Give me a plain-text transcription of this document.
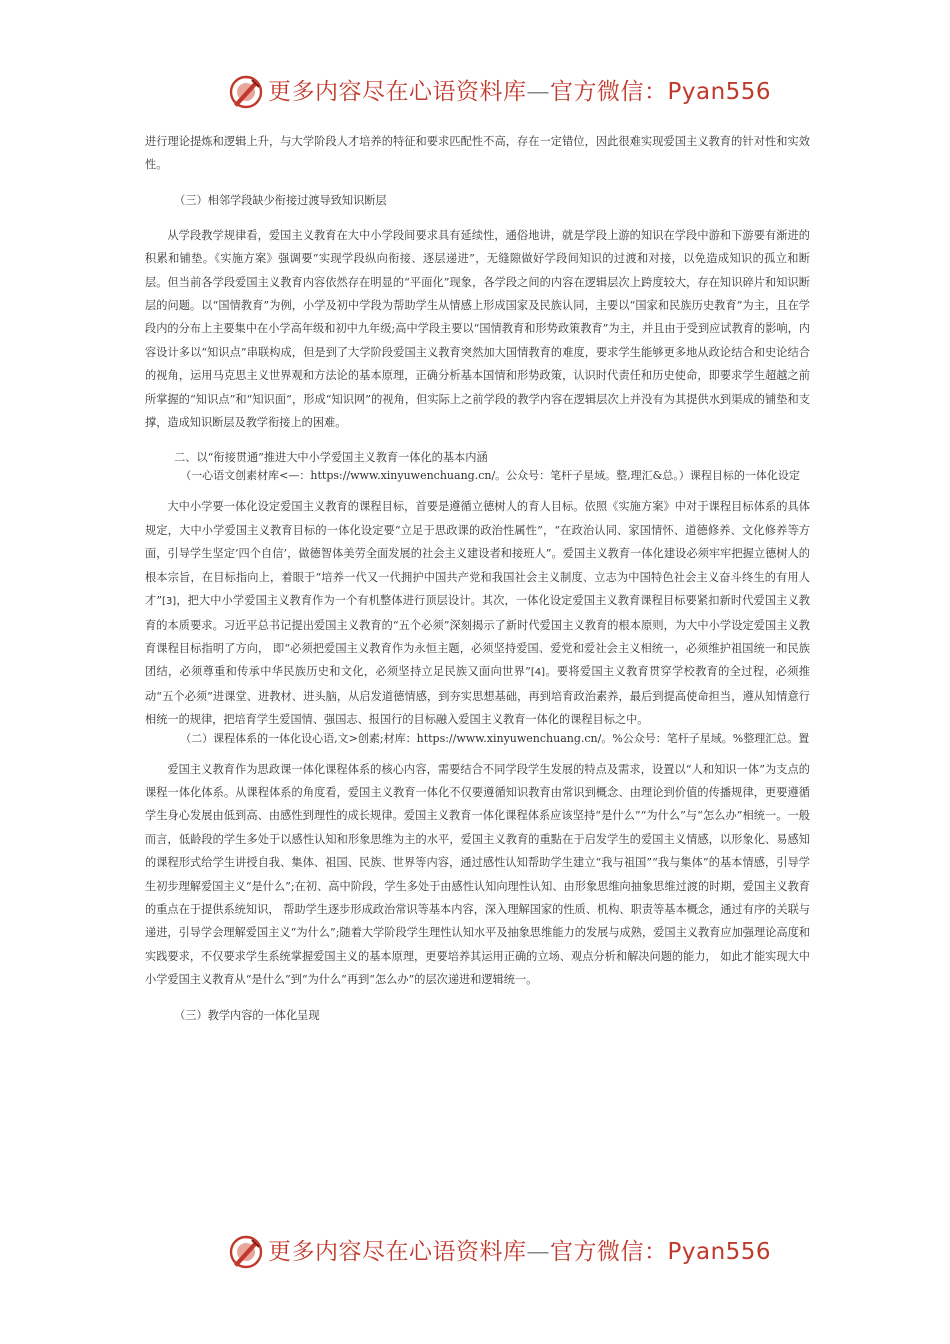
更多内容尽在心语资料库—官方微信：Pyan556

进行理论提炼和逻辑上升，与大学阶段人才培养的特征和要求匹配性不高，存在一定错位，因此很难实现爱国主义教育的针对性和实效性。

（三）相邻学段缺少衔接过渡导致知识断层

从学段教学规律看，爱国主义教育在大中小学段间要求具有延续性，通俗地讲，就是学段上游的知识在学段中游和下游要有渐进的积累和铺垫。《实施方案》强调要“实现学段纵向衔接、逐层递进”，无缝隙做好学段间知识的过渡和对接，以免造成知识的孤立和断层。但当前各学段爱国主义教育内容依然存在明显的“平面化”现象，各学段之间的内容在逻辑层次上跨度较大，存在知识碎片和知识断层的问题。以“国情教育”为例，小学及初中学段为帮助学生从情感上形成国家及民族认同，主要以“国家和民族历史教育”为主，且在学段内的分布上主要集中在小学高年级和初中九年级;高中学段主要以“国情教育和形势政策教育”为主，并且由于受到应试教育的影响，内容设计多以“知识点”串联构成，但是到了大学阶段爱国主义教育突然加大国情教育的难度，要求学生能够更多地从政论结合和史论结合的视角，运用马克思主义世界观和方法论的基本原理，正确分析基本国情和形势政策，认识时代责任和历史使命，即要求学生超越之前所掌握的“知识点”和“知识面”，形成“知识网”的视角，但实际上之前学段的教学内容在逻辑层次上并没有为其提供水到渠成的铺垫和支撑，造成知识断层及教学衔接上的困难。

二、以“衔接贯通”推进大中小学爱国主义教育一体化的基本内涵

（一心语文创素材库<—：https://www.xinyuwenchuang.cn/。公众号：笔杆子星域。整,理汇&总。）课程目标的一体化设定

大中小学要一体化设定爱国主义教育的课程目标，首要是遵循立德树人的育人目标。依照《实施方案》中对于课程目标体系的具体规定，大中小学爱国主义教育目标的一体化设定要“立足于思政课的政治性属性”，“在政治认同、家国情怀、道德修养、文化修养等方面，引导学生坚定‘四个自信’，做德智体美劳全面发展的社会主义建设者和接班人”。爱国主义教育一体化建设必须牢牢把握立德树人的根本宗旨，在目标指向上，着眼于“培养一代又一代拥护中国共产党和我国社会主义制度、立志为中国特色社会主义奋斗终生的有用人才”[3]，把大中小学爱国主义教育作为一个有机整体进行顶层设计。其次，一体化设定爱国主义教育课程目标要紧扣新时代爱国主义教育的本质要求。习近平总书记提出爱国主义教育的“五个必须”深刻揭示了新时代爱国主义教育的根本原则，为大中小学设定爱国主义教育课程目标指明了方向， 即“必须把爱国主义教育作为永恒主题，必须坚持爱国、爱党和爱社会主义相统一，必须维护祖国统一和民族团结，必须尊重和传承中华民族历史和文化，必须坚持立足民族又面向世界”[4]。要将爱国主义教育贯穿学校教育的全过程，必须推动“五个必须”进课堂、进教材、进头脑，从启发道德情感，到夯实思想基础，再到培育政治素养，最后到提高使命担当，遵从知情意行相统一的规律，把培育学生爱国情、强国志、报国行的目标融入爱国主义教育一体化的课程目标之中。

（二）课程体系的一体化设心语,文>创素;材库：https://www.xinyuwenchuang.cn/。%公众号：笔杆子星域。%整理汇总。置

爱国主义教育作为思政课一体化课程体系的核心内容，需要结合不同学段学生发展的特点及需求，设置以“人和知识一体”为支点的课程一体化体系。从课程体系的角度看，爱国主义教育一体化不仅要遵循知识教育由常识到概念、由理论到价值的传播规律，更要遵循学生身心发展由低到高、由感性到理性的成长规律。爱国主义教育一体化课程体系应该坚持“是什么”“为什么”与“怎么办”相统一。一般而言，低龄段的学生多处于以感性认知和形象思维为主的水平，爱国主义教育的重點在于启发学生的爱国主义情感，以形象化、易感知的课程形式给学生讲授自我、集体、祖国、民族、世界等内容，通过感性认知帮助学生建立“我与祖国”“我与集体”的基本情感，引导学生初步理解爱国主义“是什么”;在初、高中阶段，学生多处于由感性认知向理性认知、由形象思维向抽象思维过渡的时期，爱国主义教育的重点在于提供系统知识， 帮助学生逐步形成政治常识等基本内容，深入理解国家的性质、机构、职责等基本概念，通过有序的关联与递进，引导学会理解爱国主义“为什么”;随着大学阶段学生理性认知水平及抽象思维能力的发展与成熟，爱国主义教育应加强理论高度和实践要求，不仅要求学生系统掌握爱国主义的基本原理，更要培养其运用正确的立场、观点分析和解决问题的能力， 如此才能实现大中小学爱国主义教育从“是什么”到“为什么”再到“怎么办”的层次递进和逻辑统一。

（三）教学内容的一体化呈现

更多内容尽在心语资料库—官方微信：Pyan556
